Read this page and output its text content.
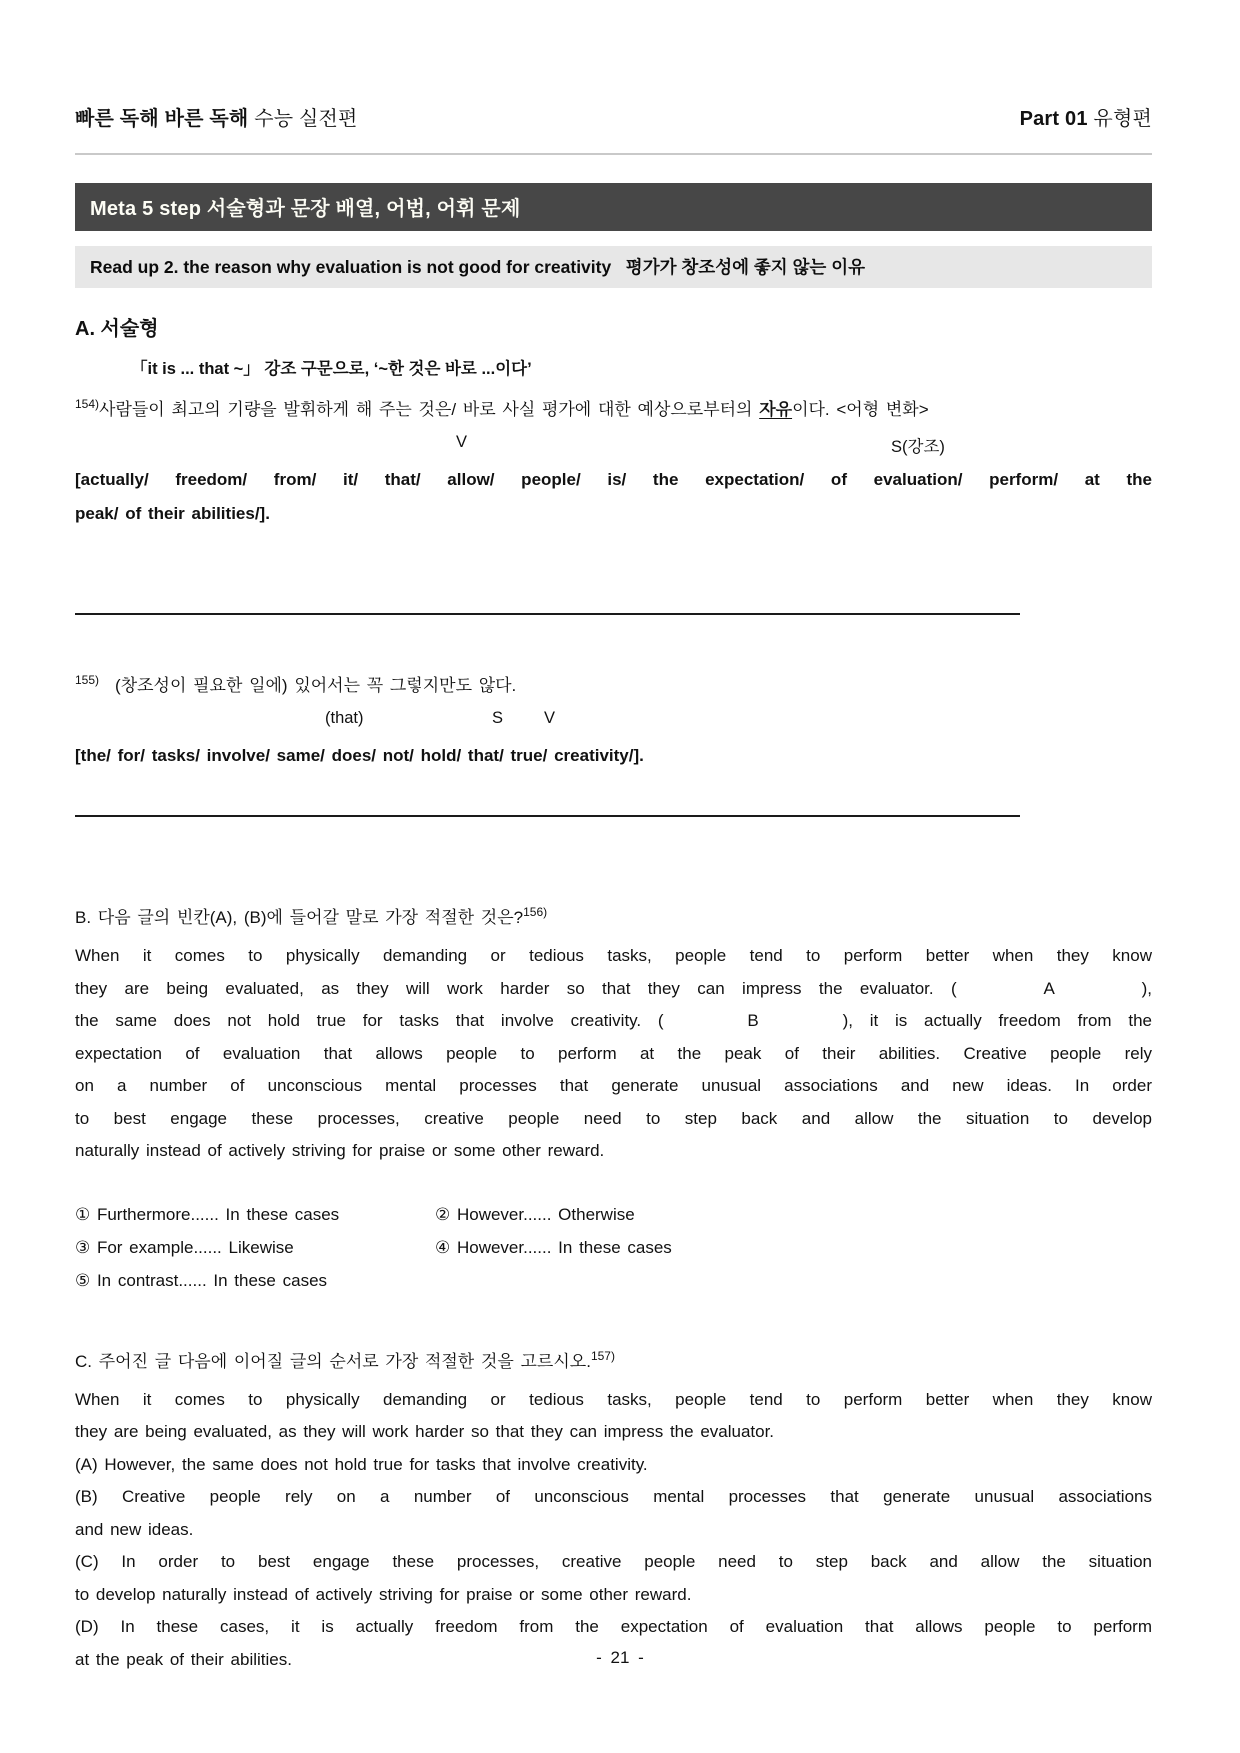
빠른 독해 바른 독해 수능 실전편	Part 01 유형편
Meta 5 step 서술형과 문장 배열, 어법, 어휘 문제
Read up 2. the reason why evaluation is not good for creativity   평가가 창조성에 좋지 않는 이유
A. 서술형
「it is ... that ~」 강조 구문으로, ‘~한 것은 바로 ...이다’
$^{154)}$사람들이 최고의 기량을 발휘하게 해 주는 것은/ 바로 사실 평가에 대한 예상으로부터의 자유이다. <어형 변화>
V	S(강조)
[actually/ freedom/ from/ it/ that/ allow/ people/ is/ the expectation/ of evaluation/ perform/ at the
peak/ of their abilities/].
$^{155)}$ (창조성이 필요한 일에) 있어서는 꼭 그렇지만도 않다.
(that)	S V
[the/ for/ tasks/ involve/ same/ does/ not/ hold/ that/ true/ creativity/].
B. 다음 글의 빈칸(A), (B)에 들어갈 말로 가장 적절한 것은?$^{156)}$
When it comes to physically demanding or tedious tasks, people tend to perform better when they know
they are being evaluated, as they will work harder so that they can impress the evaluator. (     A     ),
the same does not hold true for tasks that involve creativity. (     B     ), it is actually freedom from the
expectation of evaluation that allows people to perform at the peak of their abilities. Creative people rely
on a number of unconscious mental processes that generate unusual associations and new ideas. In order
to best engage these processes, creative people need to step back and allow the situation to develop
naturally instead of actively striving for praise or some other reward.
① Furthermore...... In these cases	② However...... Otherwise
③ For example...... Likewise	④ However...... In these cases
⑤ In contrast...... In these cases
C. 주어진 글 다음에 이어질 글의 순서로 가장 적절한 것을 고르시오.$^{157)}$
When it comes to physically demanding or tedious tasks, people tend to perform better when they know
they are being evaluated, as they will work harder so that they can impress the evaluator.
(A) However, the same does not hold true for tasks that involve creativity.
(B) Creative people rely on a number of unconscious mental processes that generate unusual associations
and new ideas.
(C) In order to best engage these processes, creative people need to step back and allow the situation
to develop naturally instead of actively striving for praise or some other reward.
(D) In these cases, it is actually freedom from the expectation of evaluation that allows people to perform
at the peak of their abilities.	- 21 -
